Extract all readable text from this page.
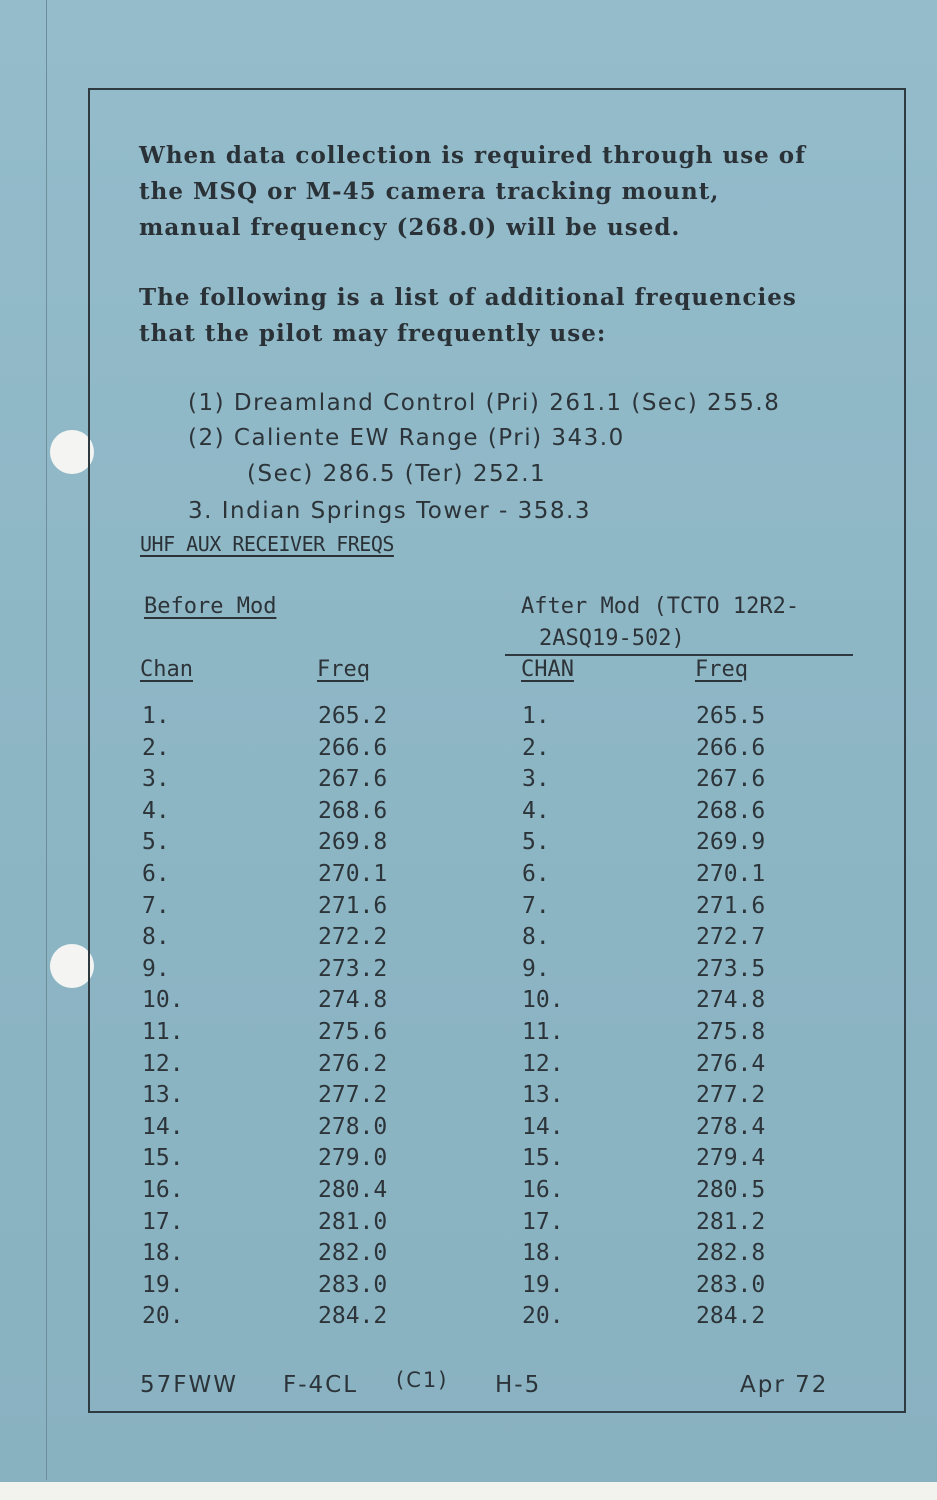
When data collection is required through use of
the MSQ or M-45 camera tracking mount,
manual frequency (268.0) will be used.
The following is a list of additional frequencies
that the pilot may frequently use:
(1) Dreamland Control (Pri) 261.1 (Sec) 255.8
(2) Caliente EW Range (Pri) 343.0
(Sec) 286.5 (Ter) 252.1
3. Indian Springs Tower - 358.3
UHF AUX RECEIVER FREQS
Before Mod	After Mod (TCTO 12R2-
2ASQ19-502)
Chan	Freq	CHAN	Freq
1.	265.2	1.	265.5
2.	266.6	2.	266.6
3.	267.6	3.	267.6
4.	268.6	4.	268.6
5.	269.8	5.	269.9
6.	270.1	6.	270.1
7.	271.6	7.	271.6
8.	272.2	8.	272.7
9.	273.2	9.	273.5
10.	274.8	10.	274.8
11.	275.6	11.	275.8
12.	276.2	12.	276.4
13.	277.2	13.	277.2
14.	278.0	14.	278.4
15.	279.0	15.	279.4
16.	280.4	16.	280.5
17.	281.0	17.	281.2
18.	282.0	18.	282.8
19.	283.0	19.	283.0
20.	284.2	20.	284.2
57FWW F-4CL (C1) H-5	Apr 72
